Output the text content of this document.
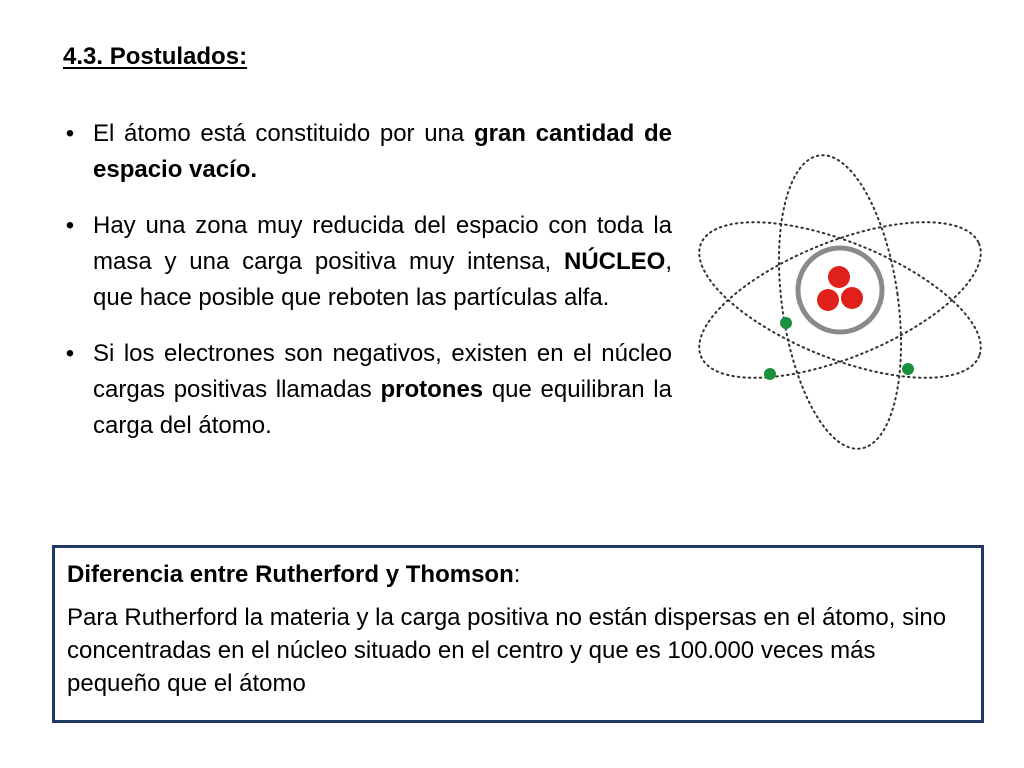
4.3. Postulados:
• El átomo está constituido por una gran cantidad de espacio vacío.
• Hay una zona muy reducida del espacio con toda la masa y una carga positiva muy intensa, NÚCLEO, que hace posible que reboten las partículas alfa.
• Si los electrones son negativos, existen en el núcleo cargas positivas llamadas protones que equilibran la carga del átomo.
Diferencia entre Rutherford y Thomson:
Para Rutherford la materia y la carga positiva no están dispersas en el átomo, sino concentradas en el núcleo situado en el centro y que es 100.000 veces más pequeño que el átomo
